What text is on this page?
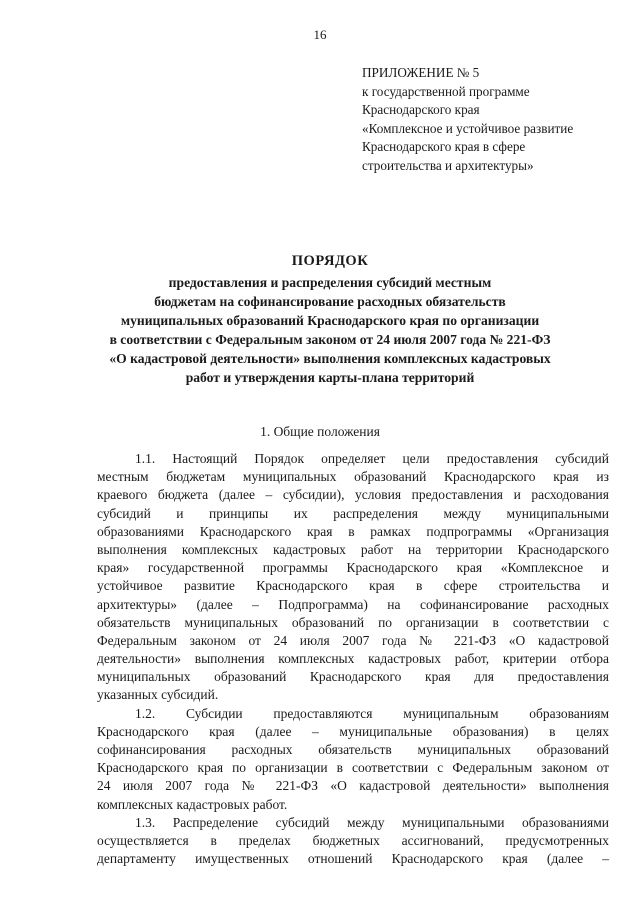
16
ПРИЛОЖЕНИЕ № 5
к государственной программе
Краснодарского края
«Комплексное и устойчивое развитие
Краснодарского края в сфере
строительства и архитектуры»
ПОРЯДОК
предоставления и распределения субсидий местным
бюджетам на софинансирование расходных обязательств
муниципальных образований Краснодарского края по организации
в соответствии с Федеральным законом от 24 июля 2007 года № 221-ФЗ
«О кадастровой деятельности» выполнения комплексных кадастровых
работ и утверждения карты-плана территорий
1. Общие положения
1.1. Настоящий Порядок определяет цели предоставления субсидий
местным бюджетам муниципальных образований Краснодарского края из
краевого бюджета (далее – субсидии), условия предоставления и расходования
субсидий и принципы их распределения между муниципальными
образованиями Краснодарского края в рамках подпрограммы «Организация
выполнения комплексных кадастровых работ на территории Краснодарского
края» государственной программы Краснодарского края «Комплексное и
устойчивое развитие Краснодарского края в сфере строительства и
архитектуры» (далее – Подпрограмма) на софинансирование расходных
обязательств муниципальных образований по организации в соответствии с
Федеральным законом от 24 июля 2007 года № 221-ФЗ «О кадастровой
деятельности» выполнения комплексных кадастровых работ, критерии отбора
муниципальных образований Краснодарского края для предоставления
указанных субсидий.
1.2. Субсидии предоставляются муниципальным образованиям
Краснодарского края (далее – муниципальные образования) в целях
софинансирования расходных обязательств муниципальных образований
Краснодарского края по организации в соответствии с Федеральным законом от
24 июля 2007 года № 221-ФЗ «О кадастровой деятельности» выполнения
комплексных кадастровых работ.
1.3. Распределение субсидий между муниципальными образованиями
осуществляется в пределах бюджетных ассигнований, предусмотренных
департаменту имущественных отношений Краснодарского края (далее –
